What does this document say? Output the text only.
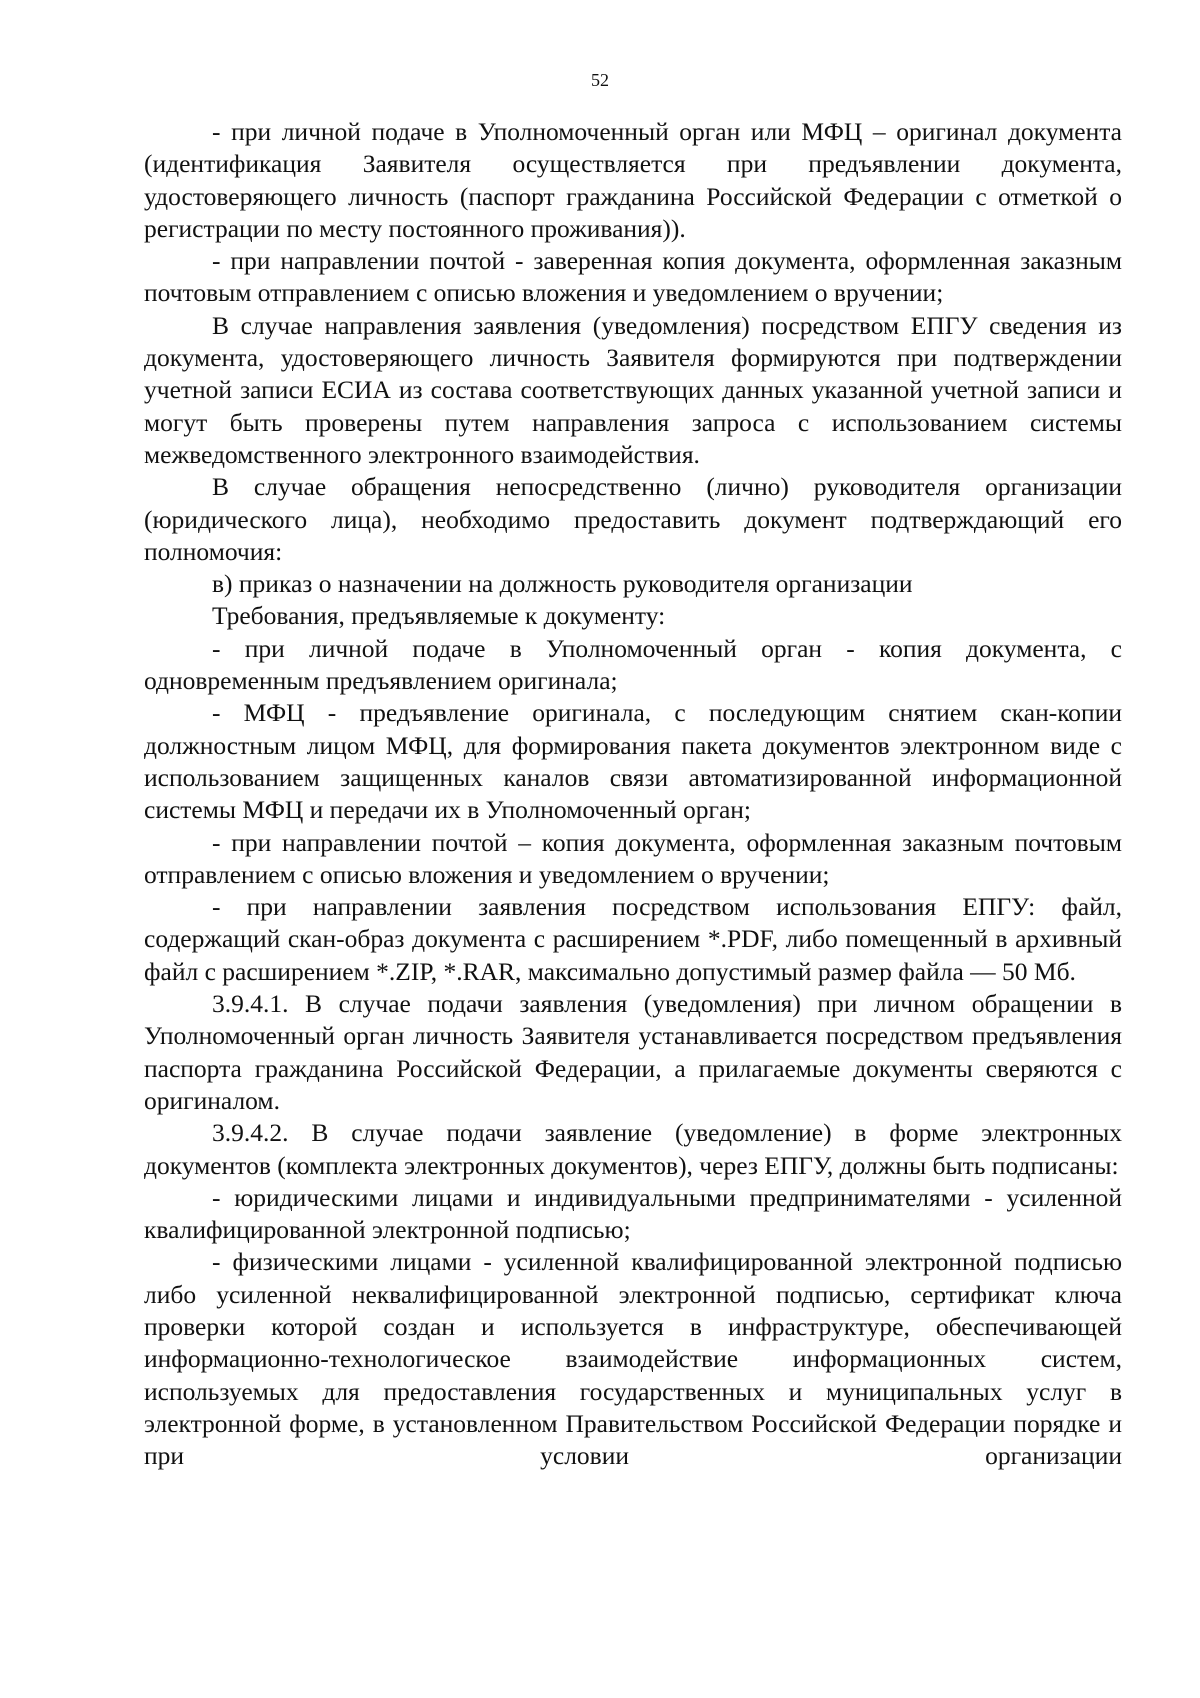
52

- при личной подаче в Уполномоченный орган или МФЦ – оригинал документа (идентификация Заявителя осуществляется при предъявлении документа, удостоверяющего личность (паспорт гражданина Российской Федерации с отметкой о регистрации по месту постоянного проживания)).

- при направлении почтой - заверенная копия документа, оформленная заказным почтовым отправлением с описью вложения и уведомлением о вручении;

В случае направления заявления (уведомления) посредством ЕПГУ сведения из документа, удостоверяющего личность Заявителя формируются при подтверждении учетной записи ЕСИА из состава соответствующих данных указанной учетной записи и могут быть проверены путем направления запроса с использованием системы межведомственного электронного взаимодействия.

В случае обращения непосредственно (лично) руководителя организации (юридического лица), необходимо предоставить документ подтверждающий его полномочия:

в) приказ о назначении на должность руководителя организации

Требования, предъявляемые к документу:

- при личной подаче в Уполномоченный орган - копия документа, с одновременным предъявлением оригинала;

- МФЦ - предъявление оригинала, с последующим снятием скан-копии должностным лицом МФЦ, для формирования пакета документов электронном виде с использованием защищенных каналов связи автоматизированной информационной системы МФЦ и передачи их в Уполномоченный орган;

- при направлении почтой – копия документа, оформленная заказным почтовым отправлением с описью вложения и уведомлением о вручении;

- при направлении заявления посредством использования ЕПГУ: файл, содержащий скан-образ документа с расширением *.PDF, либо помещенный в архивный файл с расширением *.ZIP, *.RAR, максимально допустимый размер файла — 50 Мб.

3.9.4.1. В случае подачи заявления (уведомления) при личном обращении в Уполномоченный орган личность Заявителя устанавливается посредством предъявления паспорта гражданина Российской Федерации, а прилагаемые документы сверяются с оригиналом.

3.9.4.2. В случае подачи заявление (уведомление) в форме электронных документов (комплекта электронных документов), через ЕПГУ, должны быть подписаны:

- юридическими лицами и индивидуальными предпринимателями - усиленной квалифицированной электронной подписью;

- физическими лицами - усиленной квалифицированной электронной подписью либо усиленной неквалифицированной электронной подписью, сертификат ключа проверки которой создан и используется в инфраструктуре, обеспечивающей информационно-технологическое взаимодействие информационных систем, используемых для предоставления государственных и муниципальных услуг в электронной форме, в установленном Правительством Российской Федерации порядке и при условии организации
